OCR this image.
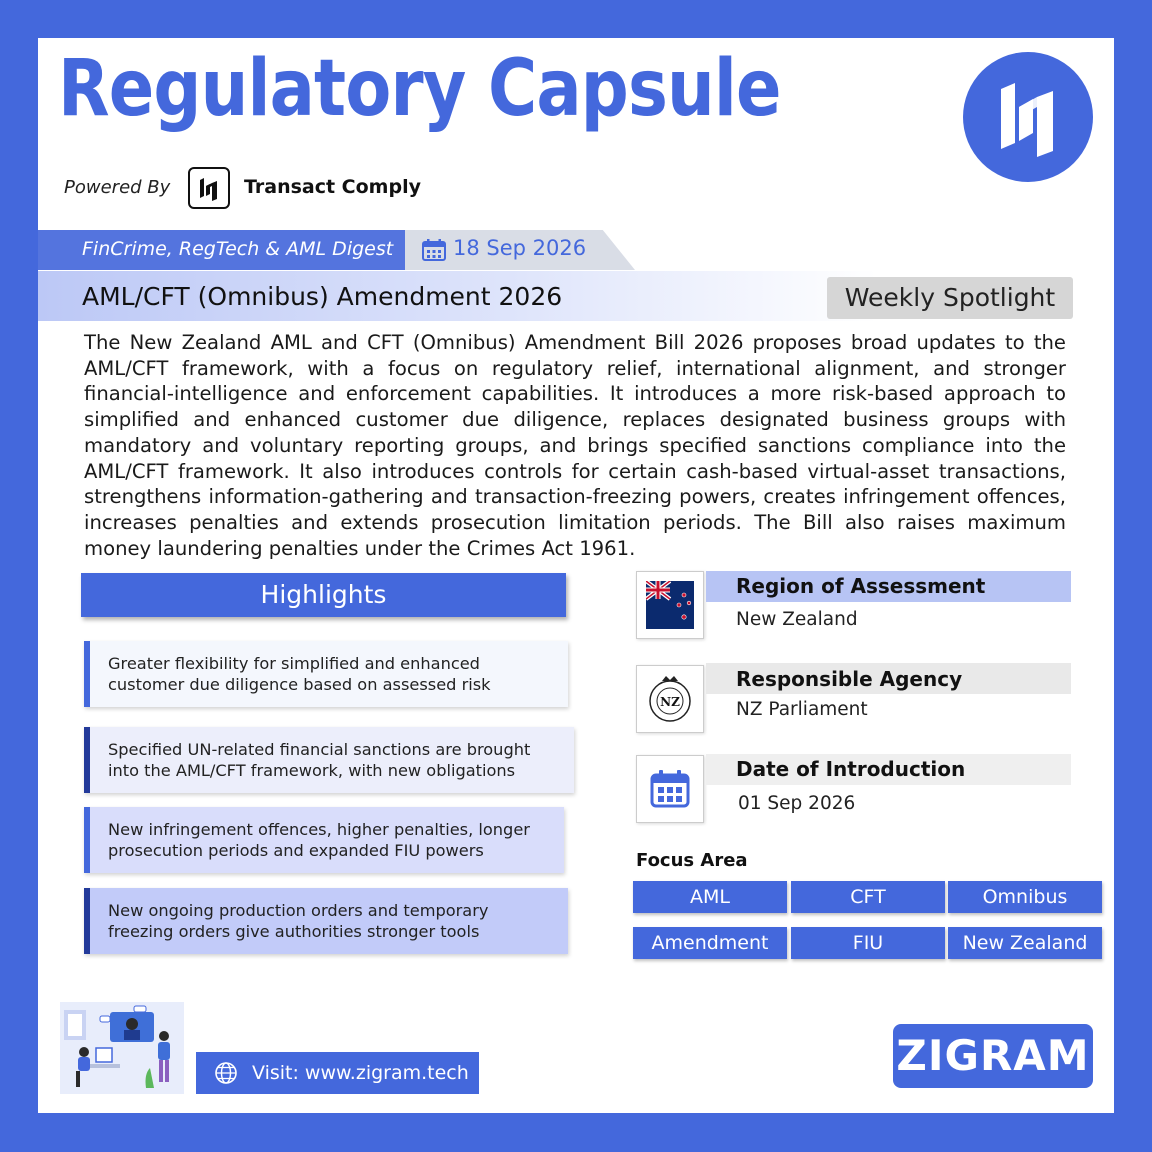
Regulatory Capsule
Powered By	Transact Comply
FinCrime, RegTech & AML Digest	18 Sep 2026
AML/CFT (Omnibus) Amendment 2026	Weekly Spotlight
The New Zealand AML and CFT (Omnibus) Amendment Bill 2026 proposes broad updates to the AML/CFT framework, with a focus on regulatory relief, international alignment, and stronger financial-intelligence and enforcement capabilities. It introduces a more risk-based approach to simplified and enhanced customer due diligence, replaces designated business groups with mandatory and voluntary reporting groups, and brings specified sanctions compliance into the AML/CFT framework. It also introduces controls for certain cash-based virtual-asset transactions, strengthens information-gathering and transaction-freezing powers, creates infringement offences, increases penalties and extends prosecution limitation periods. The Bill also raises maximum money laundering penalties under the Crimes Act 1961.
Highlights
Greater flexibility for simplified and enhanced customer due diligence based on assessed risk
Specified UN-related financial sanctions are brought into the AML/CFT framework, with new obligations
New infringement offences, higher penalties, longer prosecution periods and expanded FIU powers
New ongoing production orders and temporary freezing orders give authorities stronger tools
Region of Assessment
New Zealand
NZ
Responsible Agency
NZ Parliament
Date of Introduction
01 Sep 2026
Focus Area
AML	CFT	Omnibus
Amendment	FIU	New Zealand
Visit: www.zigram.tech	ZIGRAM
